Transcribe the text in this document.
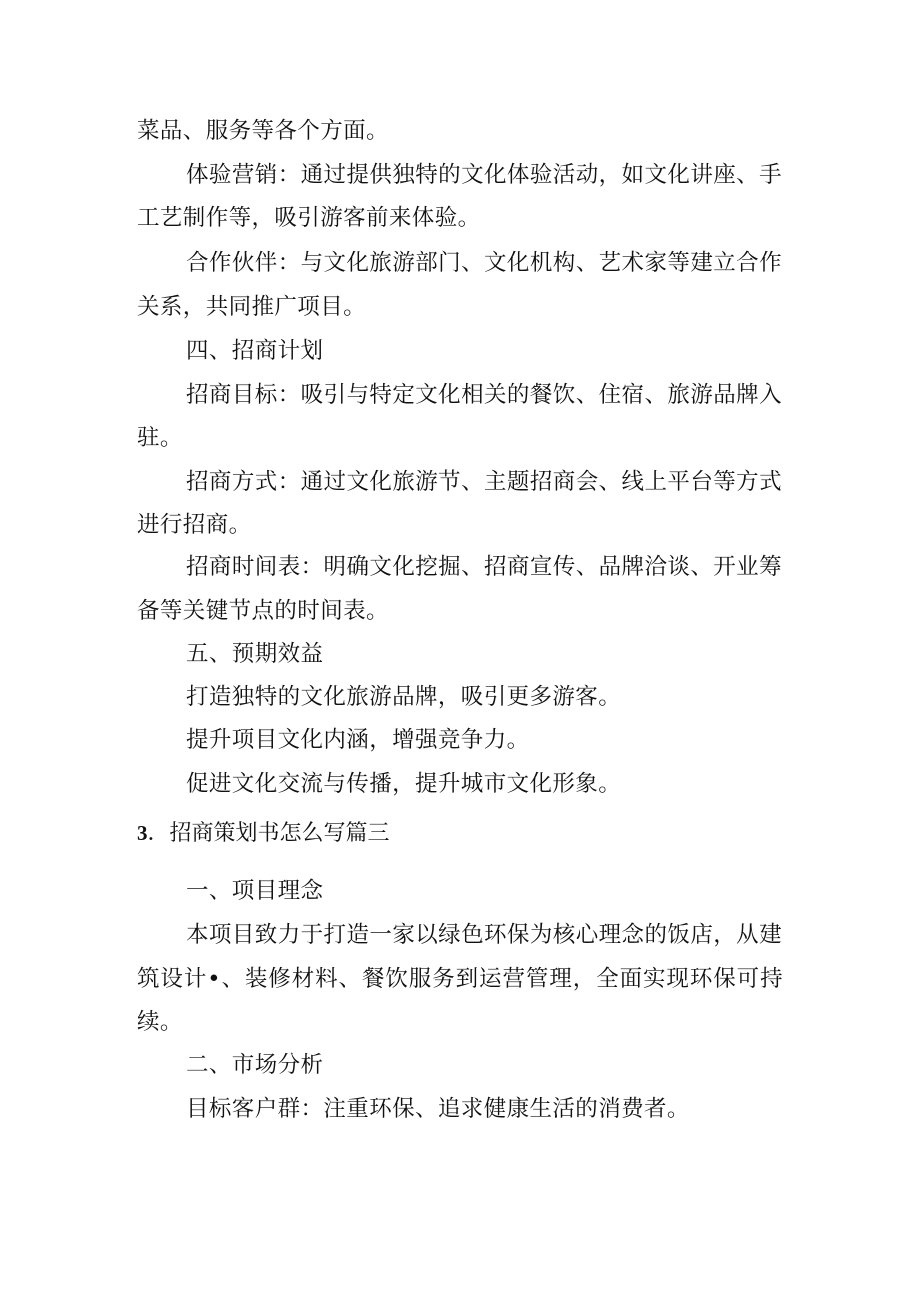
菜品、服务等各个方面。
体验营销：通过提供独特的文化体验活动，如文化讲座、手
工艺制作等，吸引游客前来体验。
合作伙伴：与文化旅游部门、文化机构、艺术家等建立合作
关系，共同推广项目。
四、招商计划
招商目标：吸引与特定文化相关的餐饮、住宿、旅游品牌入
驻。
招商方式：通过文化旅游节、主题招商会、线上平台等方式
进行招商。
招商时间表：明确文化挖掘、招商宣传、品牌洽谈、开业筹
备等关键节点的时间表。
五、预期效益
打造独特的文化旅游品牌，吸引更多游客。
提升项目文化内涵，增强竞争力。
促进文化交流与传播，提升城市文化形象。
3．招商策划书怎么写篇三
一、项目理念
本项目致力于打造一家以绿色环保为核心理念的饭店，从建
筑设计•、装修材料、餐饮服务到运营管理，全面实现环保可持
续。
二、市场分析
目标客户群：注重环保、追求健康生活的消费者。
